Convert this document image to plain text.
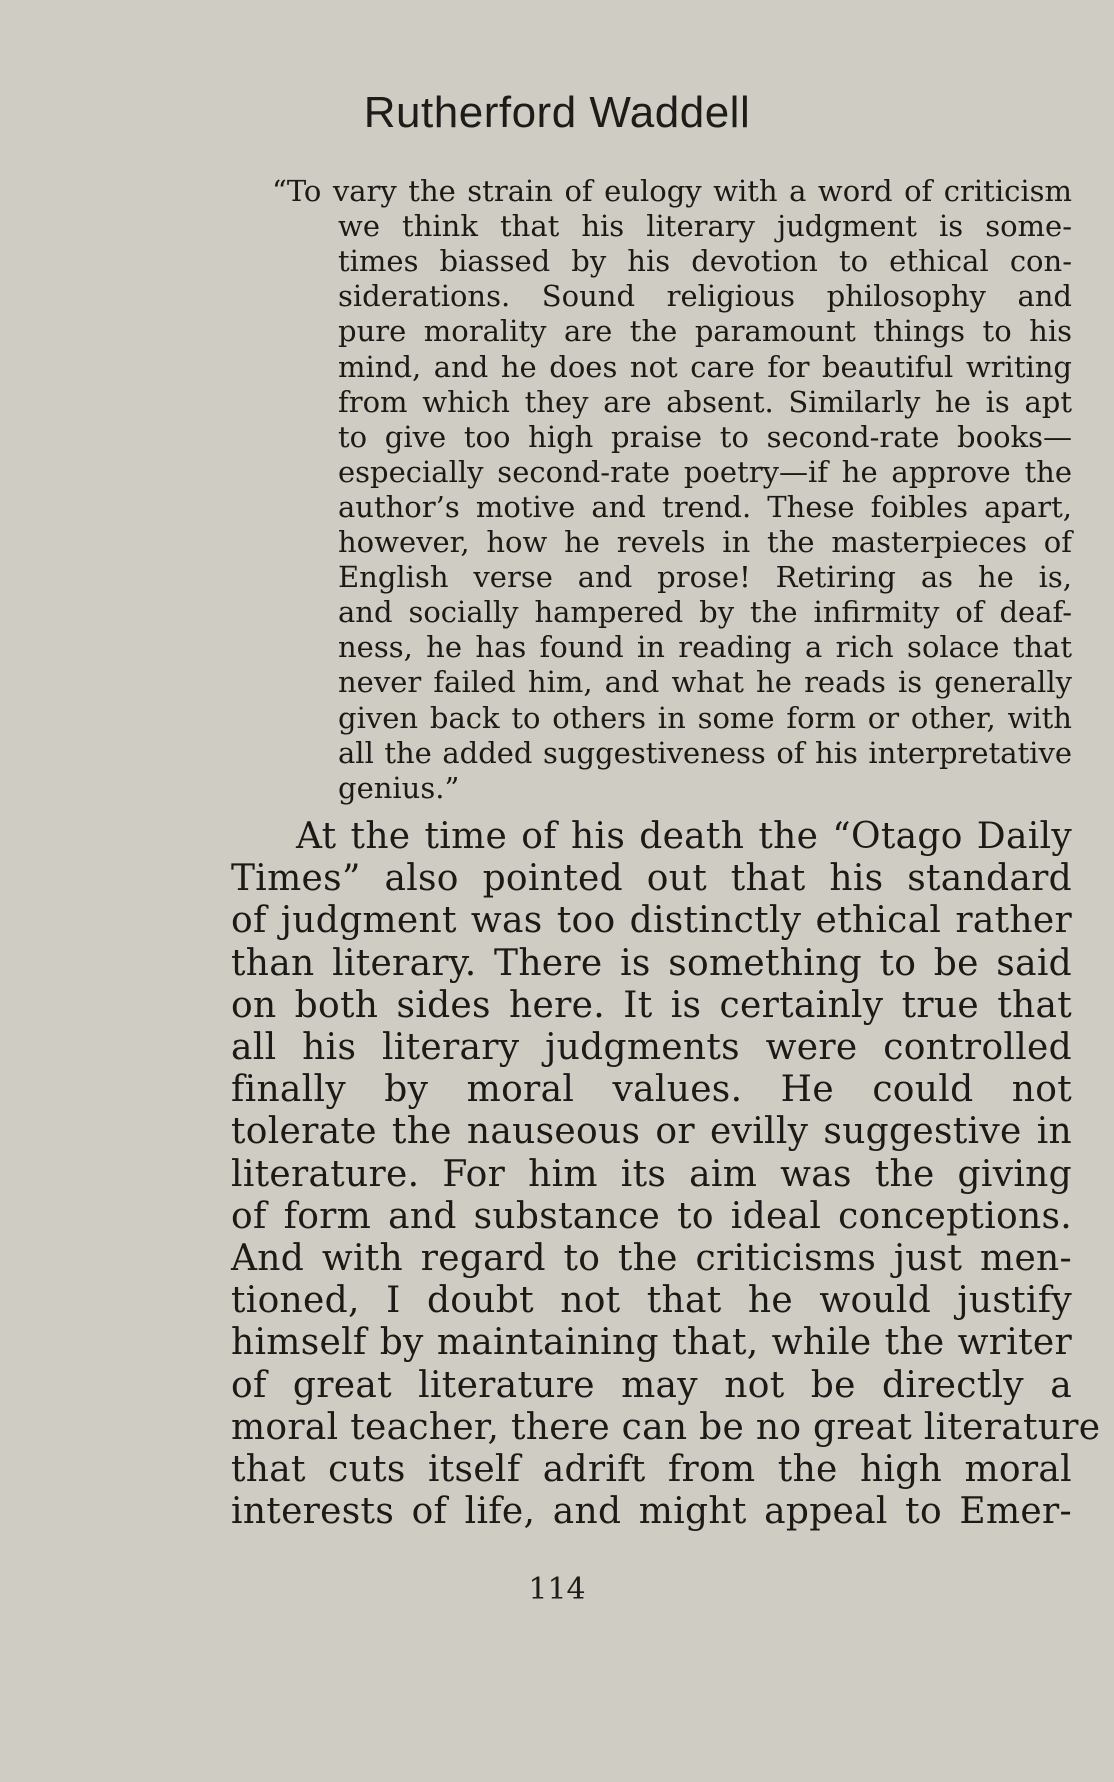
Rutherford Waddell
“To vary the strain of eulogy with a word of criticism
we think that his literary judgment is some-
times biassed by his devotion to ethical con-
siderations. Sound religious philosophy and
pure morality are the paramount things to his
mind, and he does not care for beautiful writing
from which they are absent. Similarly he is apt
to give too high praise to second-rate books—
especially second-rate poetry—if he approve the
author’s motive and trend. These foibles apart,
however, how he revels in the masterpieces of
English verse and prose! Retiring as he is,
and socially hampered by the infirmity of deaf-
ness, he has found in reading a rich solace that
never failed him, and what he reads is generally
given back to others in some form or other, with
all the added suggestiveness of his interpretative
genius.”
At the time of his death the “Otago Daily
Times” also pointed out that his standard
of judgment was too distinctly ethical rather
than literary. There is something to be said
on both sides here. It is certainly true that
all his literary judgments were controlled
finally by moral values. He could not
tolerate the nauseous or evilly suggestive in
literature. For him its aim was the giving
of form and substance to ideal conceptions.
And with regard to the criticisms just men-
tioned, I doubt not that he would justify
himself by maintaining that, while the writer
of great literature may not be directly a
moral teacher, there can be no great literature
that cuts itself adrift from the high moral
interests of life, and might appeal to Emer-
114
